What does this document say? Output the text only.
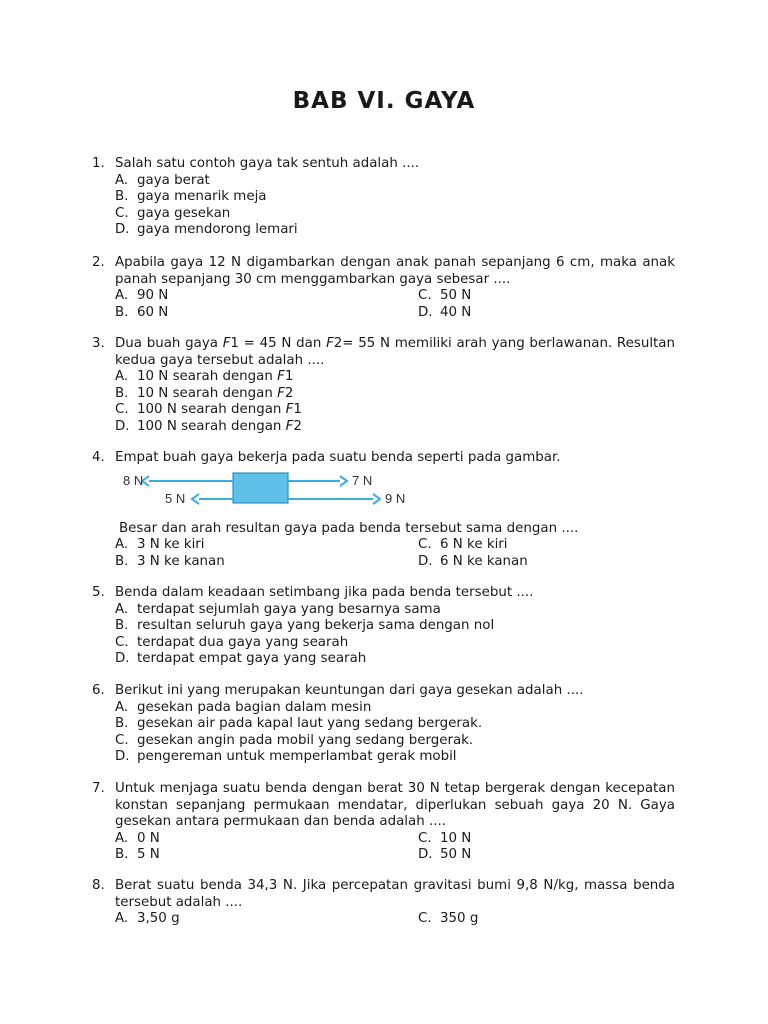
BAB VI. GAYA
1. Salah satu contoh gaya tak sentuh adalah ....
A. gaya berat
B. gaya menarik meja
C. gaya gesekan
D. gaya mendorong lemari
2. Apabila gaya 12 N digambarkan dengan anak panah sepanjang 6 cm, maka anak panah sepanjang 30 cm menggambarkan gaya sebesar ....
A. 90 N	C. 50 N
B. 60 N	D. 40 N
3. Dua buah gaya F1 = 45 N dan F2= 55 N memiliki arah yang berlawanan. Resultan kedua gaya tersebut adalah ....
A. 10 N searah dengan F1
B. 10 N searah dengan F2
C. 100 N searah dengan F1
D. 100 N searah dengan F2
4. Empat buah gaya bekerja pada suatu benda seperti pada gambar.
8 N
5 N
7 N
9 N
Besar dan arah resultan gaya pada benda tersebut sama dengan ....
A. 3 N ke kiri	C. 6 N ke kiri
B. 3 N ke kanan	D. 6 N ke kanan
5. Benda dalam keadaan setimbang jika pada benda tersebut ....
A. terdapat sejumlah gaya yang besarnya sama
B. resultan seluruh gaya yang bekerja sama dengan nol
C. terdapat dua gaya yang searah
D. terdapat empat gaya yang searah
6. Berikut ini yang merupakan keuntungan dari gaya gesekan adalah ....
A. gesekan pada bagian dalam mesin
B. gesekan air pada kapal laut yang sedang bergerak.
C. gesekan angin pada mobil yang sedang bergerak.
D. pengereman untuk memperlambat gerak mobil
7. Untuk menjaga suatu benda dengan berat 30 N tetap bergerak dengan kecepatan konstan sepanjang permukaan mendatar, diperlukan sebuah gaya 20 N. Gaya gesekan antara permukaan dan benda adalah ....
A. 0 N	C. 10 N
B. 5 N	D. 50 N
8. Berat suatu benda 34,3 N. Jika percepatan gravitasi bumi 9,8 N/kg, massa benda tersebut adalah ....
A. 3,50 g	C. 350 g
